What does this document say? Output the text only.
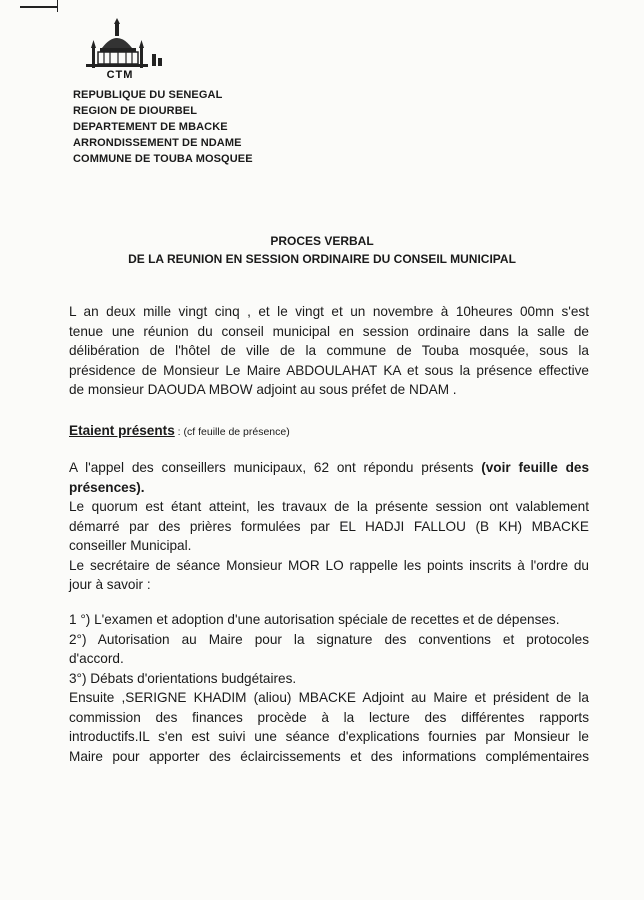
CTM
REPUBLIQUE DU SENEGAL
REGION DE DIOURBEL
DEPARTEMENT DE MBACKE
ARRONDISSEMENT DE NDAME
COMMUNE DE TOUBA MOSQUEE
PROCES VERBAL
DE LA REUNION EN SESSION ORDINAIRE DU CONSEIL MUNICIPAL
L an deux mille vingt cinq , et le vingt et un novembre à 10heures 00mn s'est
tenue une réunion du conseil municipal en session ordinaire dans la salle de
délibération de l'hôtel de ville de la commune de Touba mosquée, sous la
présidence de Monsieur Le Maire ABDOULAHAT KA et sous la présence effective
de monsieur DAOUDA MBOW adjoint au sous préfet de NDAM .
Etaient présents : (cf feuille de présence)
A l'appel des conseillers municipaux, 62 ont répondu présents (voir feuille des
présences).
Le quorum est étant atteint, les travaux de la présente session ont valablement
démarré par des prières formulées par EL HADJI FALLOU (B KH) MBACKE
conseiller Municipal.
Le secrétaire de séance Monsieur MOR LO rappelle les points inscrits à l'ordre du
jour à savoir :
1 °) L'examen et adoption d'une autorisation spéciale de recettes et de dépenses.
2°) Autorisation au Maire pour la signature des conventions et protocoles
d'accord.
3°) Débats d'orientations budgétaires.
Ensuite ,SERIGNE KHADIM (aliou) MBACKE Adjoint au Maire et président de la
commission des finances procède à la lecture des différentes rapports
introductifs.IL s'en est suivi une séance d'explications fournies par Monsieur le
Maire pour apporter des éclaircissements et des informations complémentaires
